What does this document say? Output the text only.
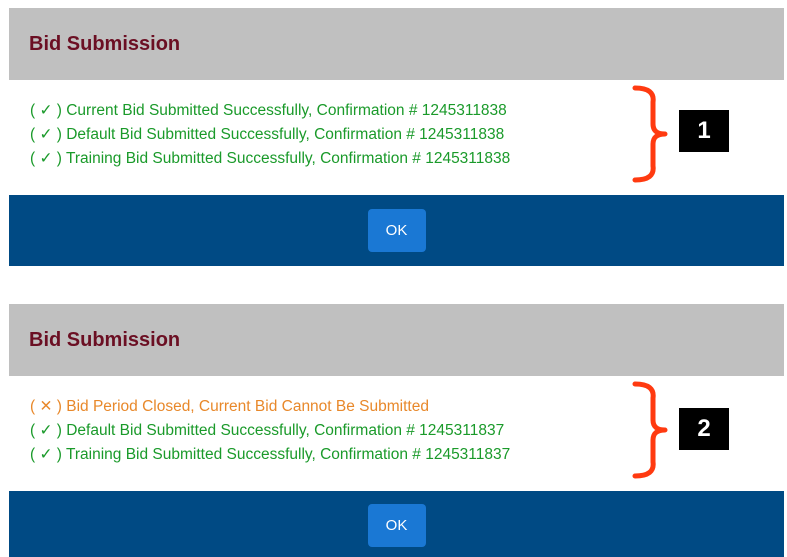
Bid Submission
( ✓ ) Current Bid Submitted Successfully, Confirmation # 1245311838
( ✓ ) Default Bid Submitted Successfully, Confirmation # 1245311838
( ✓ ) Training Bid Submitted Successfully, Confirmation # 1245311838
1
OK
Bid Submission
( ✕ ) Bid Period Closed, Current Bid Cannot Be Submitted
( ✓ ) Default Bid Submitted Successfully, Confirmation # 1245311837
( ✓ ) Training Bid Submitted Successfully, Confirmation # 1245311837
2
OK
